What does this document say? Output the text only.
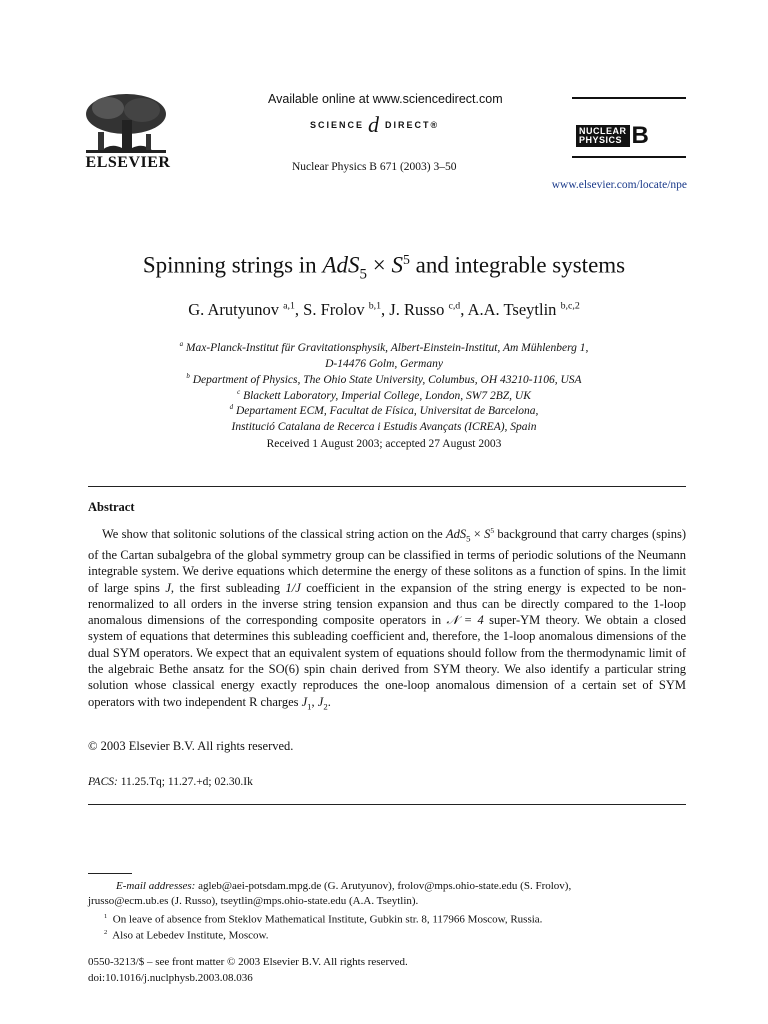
ELSEVIER
Available online at www.sciencedirect.com
SCIENCE d DIRECT ®
Nuclear Physics B 671 (2003) 3–50
NUCLEAR
PHYSICS B
www.elsevier.com/locate/npe
Spinning strings in $AdS_5 \times S^5$ and integrable systems
G. Arutyunov $^{a,1}$, S. Frolov $^{b,1}$, J. Russo $^{c,d}$, A.A. Tseytlin $^{b,c,2}$
$^a$ Max-Planck-Institut für Gravitationsphysik, Albert-Einstein-Institut, Am Mühlenberg 1,
D-14476 Golm, Germany
$^b$ Department of Physics, The Ohio State University, Columbus, OH 43210-1106, USA
$^c$ Blackett Laboratory, Imperial College, London, SW7 2BZ, UK
$^d$ Departament ECM, Facultat de Física, Universitat de Barcelona,
Institució Catalana de Recerca i Estudis Avançats (ICREA), Spain
Received 1 August 2003; accepted 27 August 2003
Abstract

We show that solitonic solutions of the classical string action on the $AdS_5 \times S^5$ background that carry charges (spins) of the Cartan subalgebra of the global symmetry group can be classified in terms of periodic solutions of the Neumann integrable system. We derive equations which determine the energy of these solitons as a function of spins. In the limit of large spins J, the first subleading 1/J coefficient in the expansion of the string energy is expected to be non-renormalized to all orders in the inverse string tension expansion and thus can be directly compared to the 1-loop anomalous dimensions of the corresponding composite operators in 𝒩 = 4 super-YM theory. We obtain a closed system of equations that determines this subleading coefficient and, therefore, the 1-loop anomalous dimensions of the dual SYM operators. We expect that an equivalent system of equations should follow from the thermodynamic limit of the algebraic Bethe ansatz for the SO(6) spin chain derived from SYM theory. We also identify a particular string solution whose classical energy exactly reproduces the one-loop anomalous dimension of a certain set of SYM operators with two independent R charges $J_1$, $J_2$.

© 2003 Elsevier B.V. All rights reserved.
PACS: 11.25.Tq; 11.27.+d; 02.30.Ik
E-mail addresses: agleb@aei-potsdam.mpg.de (G. Arutyunov), frolov@mps.ohio-state.edu (S. Frolov),
jrusso@ecm.ub.es (J. Russo), tseytlin@mps.ohio-state.edu (A.A. Tseytlin).
$^1$ On leave of absence from Steklov Mathematical Institute, Gubkin str. 8, 117966 Moscow, Russia.
$^2$ Also at Lebedev Institute, Moscow.
0550-3213/$ – see front matter © 2003 Elsevier B.V. All rights reserved.
doi:10.1016/j.nuclphysb.2003.08.036
